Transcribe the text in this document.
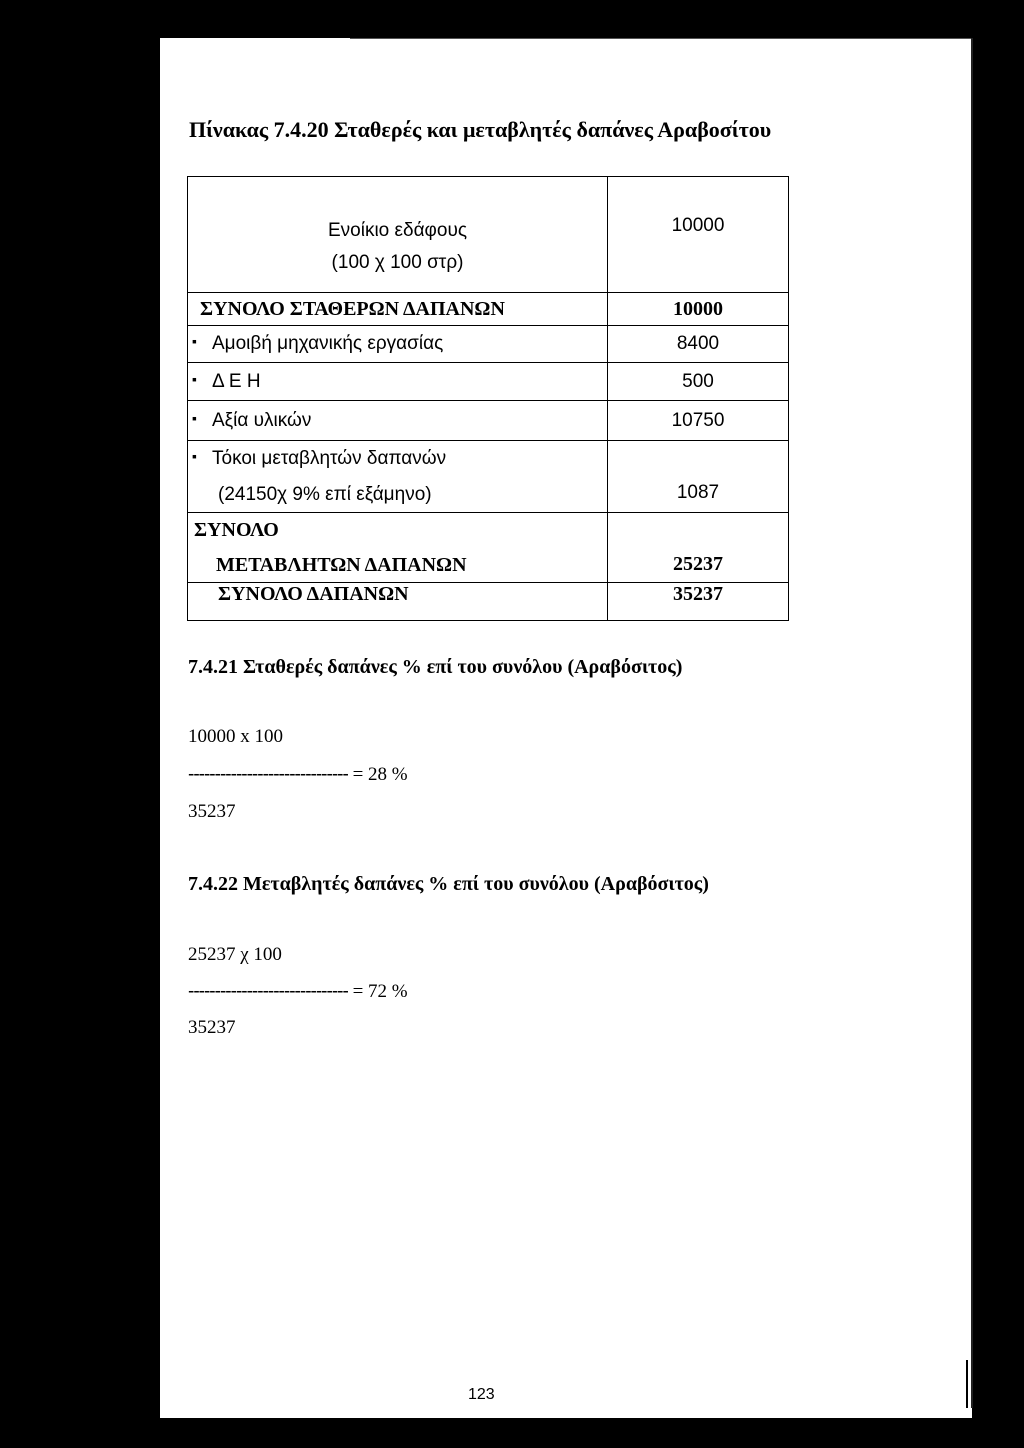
Πίνακας 7.4.20 Σταθερές και μεταβλητές δαπάνες Αραβοσίτου
Ενοίκιο εδάφους
(100 χ 100 στρ)	10000
ΣΥΝΟΛΟ ΣΤΑΘΕΡΩΝ ΔΑΠΑΝΩΝ	10000
▪ Αμοιβή μηχανικής εργασίας	8400
▪ Δ Ε Η	500
▪ Αξία υλικών	10750

▪ Τόκοι μεταβλητών δαπανών
(24150χ 9% επί εξάμηνο)	1087

ΣΥΝΟΛΟ
ΜΕΤΑΒΛΗΤΩΝ ΔΑΠΑΝΩΝ	25237
ΣΥΝΟΛΟ ΔΑΠΑΝΩΝ	35237
7.4.21 Σταθερές δαπάνες % επί του συνόλου (Αραβόσιτος)
10000 x 100
------------------------------ = 28 %
35237
7.4.22 Μεταβλητές δαπάνες % επί του συνόλου (Αραβόσιτος)
25237 χ 100
------------------------------ = 72 %
35237
123
